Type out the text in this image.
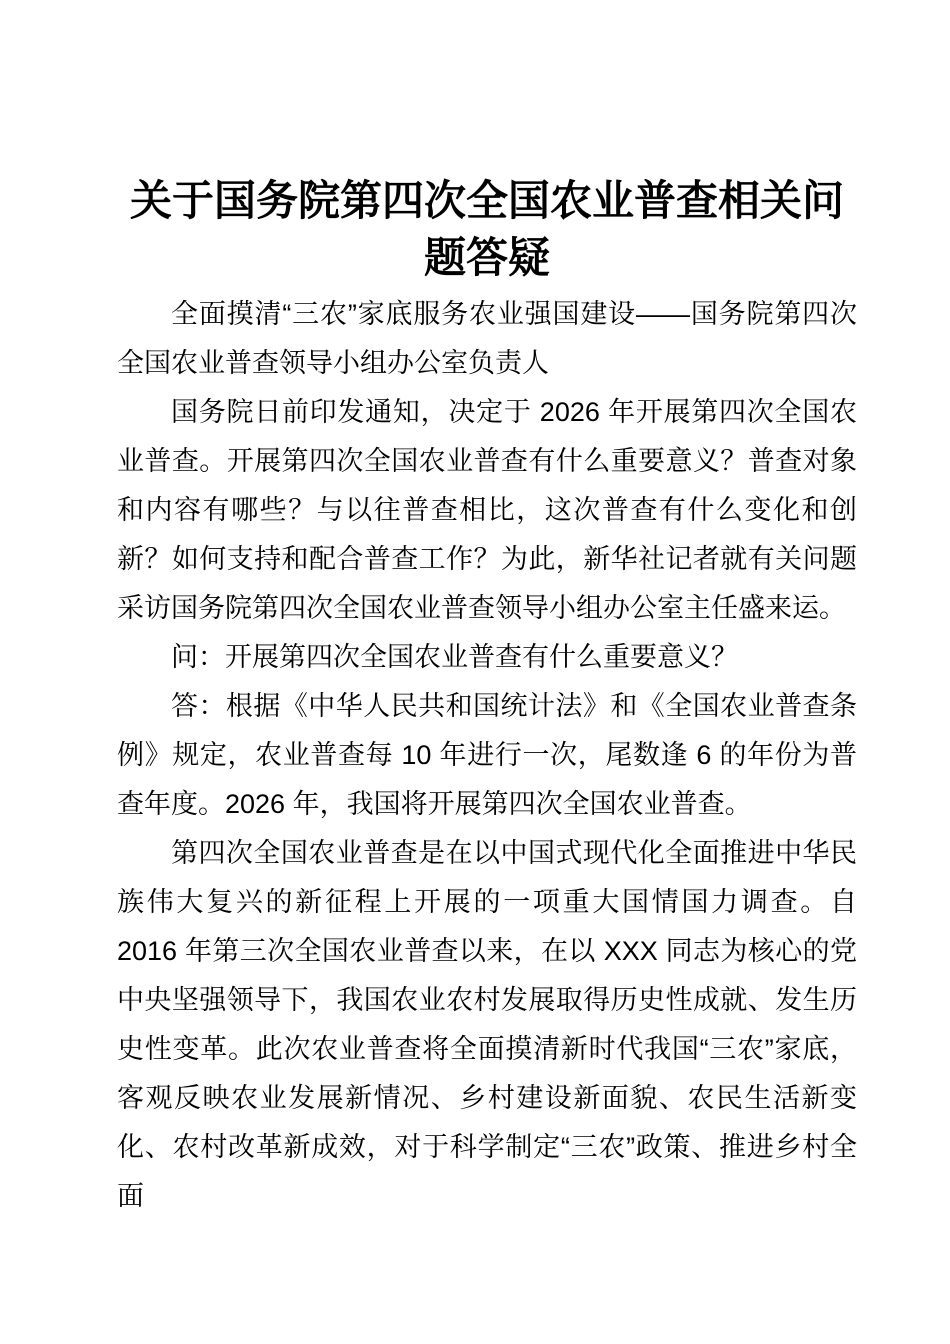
关于国务院第四次全国农业普查相关问题答疑

全面摸清“三农”家底服务农业强国建设——国务院第四次全国农业普查领导小组办公室负责人

国务院日前印发通知，决定于 2026 年开展第四次全国农业普查。开展第四次全国农业普查有什么重要意义？普查对象和内容有哪些？与以往普查相比，这次普查有什么变化和创新？如何支持和配合普查工作？为此，新华社记者就有关问题采访国务院第四次全国农业普查领导小组办公室主任盛来运。

问：开展第四次全国农业普查有什么重要意义？

答：根据《中华人民共和国统计法》和《全国农业普查条例》规定，农业普查每 10 年进行一次，尾数逢 6 的年份为普查年度。2026 年，我国将开展第四次全国农业普查。

第四次全国农业普查是在以中国式现代化全面推进中华民族伟大复兴的新征程上开展的一项重大国情国力调查。自 2016 年第三次全国农业普查以来，在以 XXX 同志为核心的党中央坚强领导下，我国农业农村发展取得历史性成就、发生历史性变革。此次农业普查将全面摸清新时代我国“三农”家底，客观反映农业发展新情况、乡村建设新面貌、农民生活新变化、农村改革新成效，对于科学制定“三农”政策、推进乡村全面
